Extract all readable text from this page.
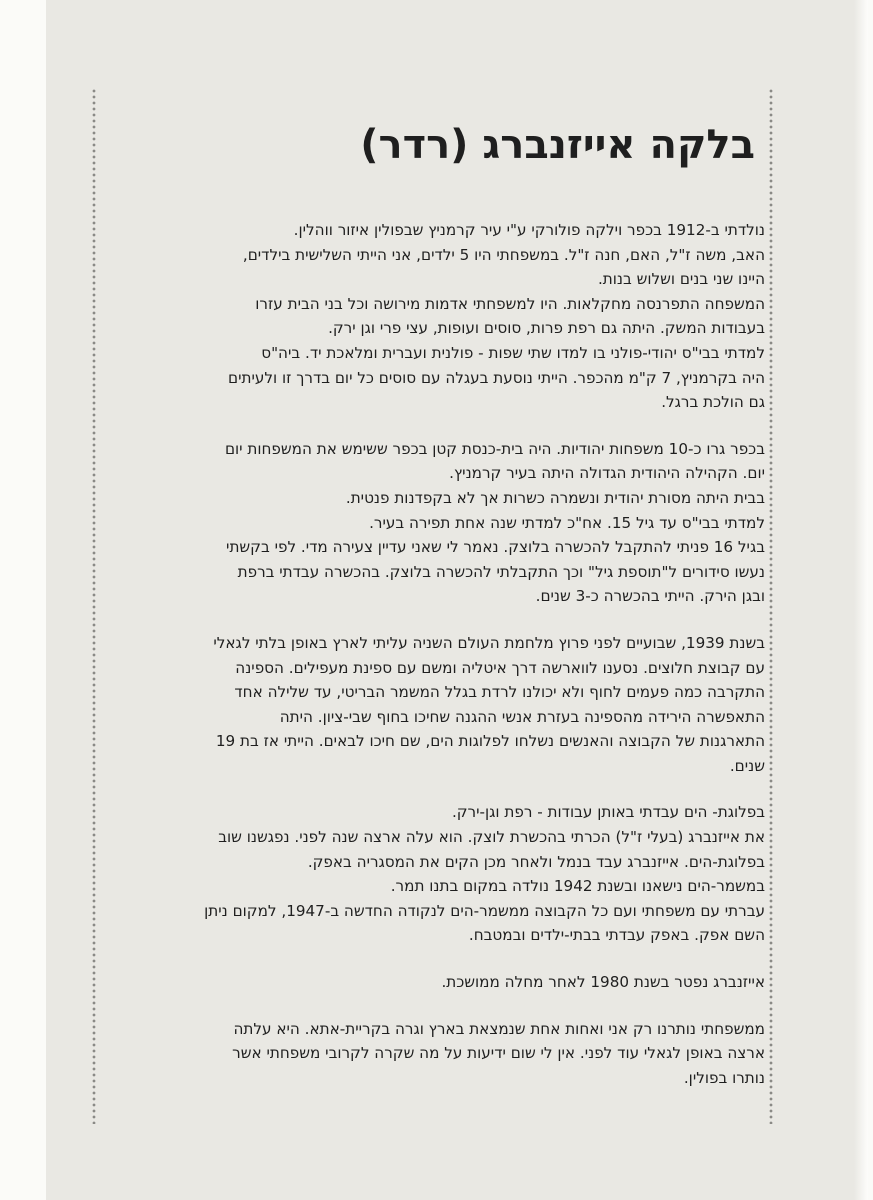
בלקה אייזנברג (רדר)
נולדתי ב-1912 בכפר וילקה פולורקי ע"י עיר קרמניץ שבפולין איזור ווהלין.
האב, משה ז"ל, האם, חנה ז"ל. במשפחתי היו 5 ילדים, אני הייתי השלישית בילדים,
היינו שני בנים ושלוש בנות.
המשפחה התפרנסה מחקלאות. היו למשפחתי אדמות מירושה וכל בני הבית עזרו
בעבודות המשק. היתה גם רפת פרות, סוסים ועופות, עצי פרי וגן ירק.
למדתי בבי"ס יהודי-פולני בו למדו שתי שפות - פולנית ועברית ומלאכת יד. ביה"ס
היה בקרמניץ, 7 ק"מ מהכפר. הייתי נוסעת בעגלה עם סוסים כל יום בדרך זו ולעיתים
גם הולכת ברגל.
בכפר גרו כ-10 משפחות יהודיות. היה בית-כנסת קטן בכפר ששימש את המשפחות יום
יום. הקהילה היהודית הגדולה היתה בעיר קרמניץ.
בבית היתה מסורת יהודית ונשמרה כשרות אך לא בקפדנות פנטית.
למדתי בבי"ס עד גיל 15. אח"כ למדתי שנה אחת תפירה בעיר.
בגיל 16 פניתי להתקבל להכשרה בלוצק. נאמר לי שאני עדיין צעירה מדי. לפי בקשתי
נעשו סידורים ל"תוספת גיל" וכך התקבלתי להכשרה בלוצק. בהכשרה עבדתי ברפת
ובגן הירק. הייתי בהכשרה כ-3 שנים.
בשנת 1939, שבועיים לפני פרוץ מלחמת העולם השניה עליתי לארץ באופן בלתי לגאלי
עם קבוצת חלוצים. נסענו לווארשה דרך איטליה ומשם עם ספינת מעפילים. הספינה
התקרבה כמה פעמים לחוף ולא יכולנו לרדת בגלל המשמר הבריטי, עד שלילה אחד
התאפשרה הירידה מהספינה בעזרת אנשי ההגנה שחיכו בחוף שבי-ציון. היתה
התארגנות של הקבוצה והאנשים נשלחו לפלוגות הים, שם חיכו לבאים. הייתי אז בת 19
שנים.
בפלוגת- הים עבדתי באותן עבודות - רפת וגן-ירק.
את אייזנברג (בעלי ז"ל) הכרתי בהכשרת לוצק. הוא עלה ארצה שנה לפני. נפגשנו שוב
בפלוגת-הים. אייזנברג עבד בנמל ולאחר מכן הקים את המסגריה באפק.
במשמר-הים נישאנו ובשנת 1942 נולדה במקום בתנו תמר.
עברתי עם משפחתי ועם כל הקבוצה ממשמר-הים לנקודה החדשה ב-1947, למקום ניתן
השם אפק. באפק עבדתי בבתי-ילדים ובמטבח.
אייזנברג נפטר בשנת 1980 לאחר מחלה ממושכת.
ממשפחתי נותרנו רק אני ואחות אחת שנמצאת בארץ וגרה בקריית-אתא. היא עלתה
ארצה באופן לגאלי עוד לפני. אין לי שום ידיעות על מה שקרה לקרובי משפחתי אשר
נותרו בפולין.
